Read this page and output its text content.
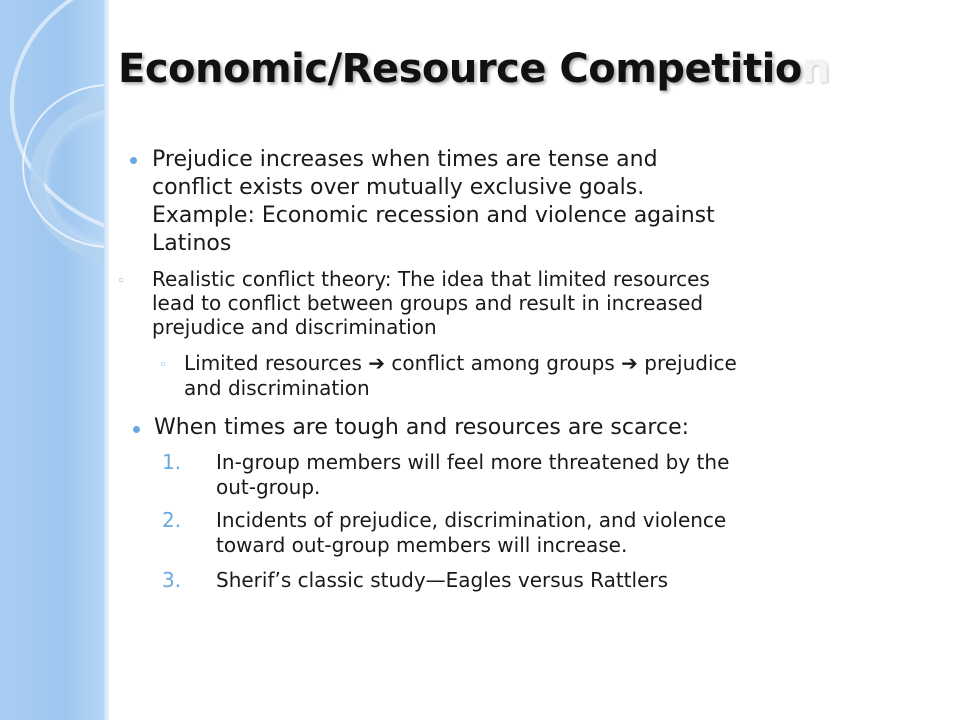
Economic/Resource Competition
Prejudice increases when times are tense and
conflict exists over mutually exclusive goals.
Example: Economic recession and violence against
Latinos
◦ Realistic conflict theory: The idea that limited resources
lead to conflict between groups and result in increased
prejudice and discrimination
◦ Limited resources ➔ conflict among groups ➔ prejudice
and discrimination
When times are tough and resources are scarce:
1. In-group members will feel more threatened by the
out-group.
2. Incidents of prejudice, discrimination, and violence
toward out-group members will increase.
3. Sherif’s classic study—Eagles versus Rattlers
